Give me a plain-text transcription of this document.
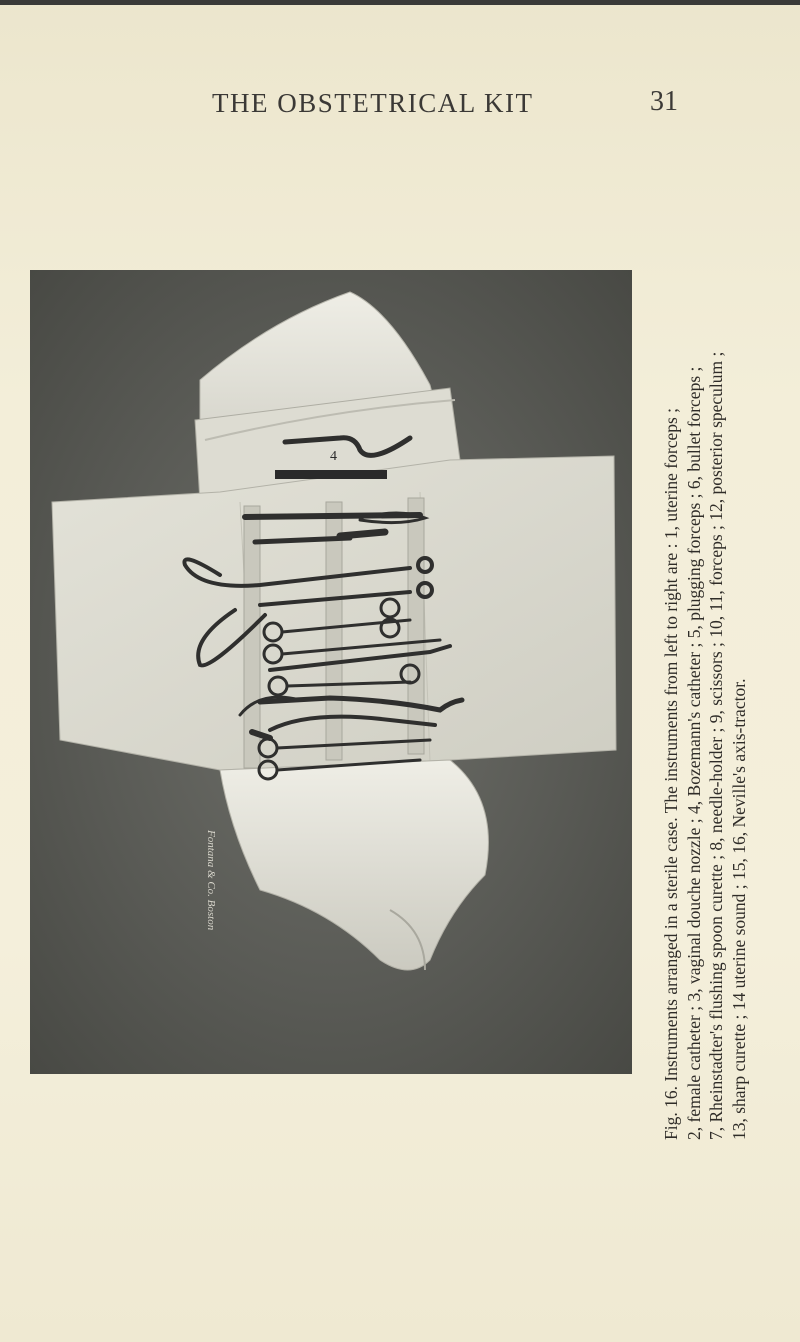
THE OBSTETRICAL KIT	31
4
Fontana & Co. Boston	Fig. 16. Instruments arranged in a sterile case. The instruments from left to right are : 1, uterine forceps ; 2, female catheter ; 3, vaginal douche nozzle ; 4, Bozemann's catheter ; 5, plugging forceps ; 6, bullet forceps ; 7, Rheinstadter's flushing spoon curette ; 8, needle-holder ; 9, scissors ; 10, 11, forceps ; 12, posterior speculum ; 13, sharp curette ; 14 uterine sound ; 15, 16, Neville's axis-tractor.
